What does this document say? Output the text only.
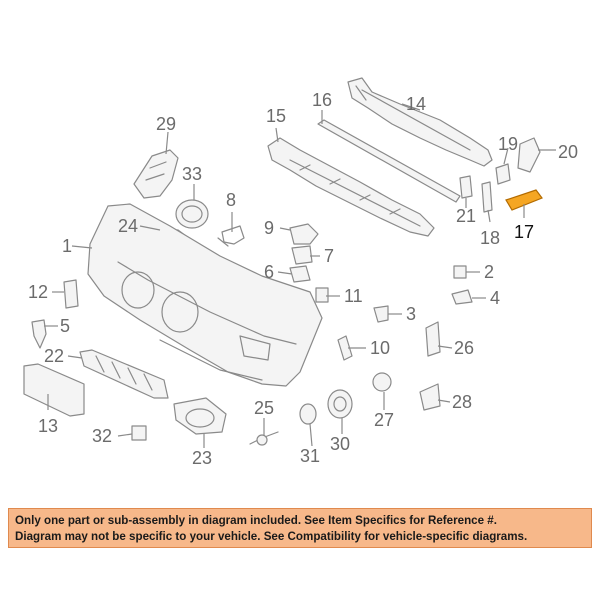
1
2
3
4
5
6
7
8
9
10
11
12
13
14
15
16
17
18
19 20
21
22
23
24
25
26
27
28
29
30
31
32
33

Only one part or sub-assembly in diagram included. See Item Specifics for Reference #.

Diagram may not be specific to your vehicle. See Compatibility for vehicle-specific diagrams.
